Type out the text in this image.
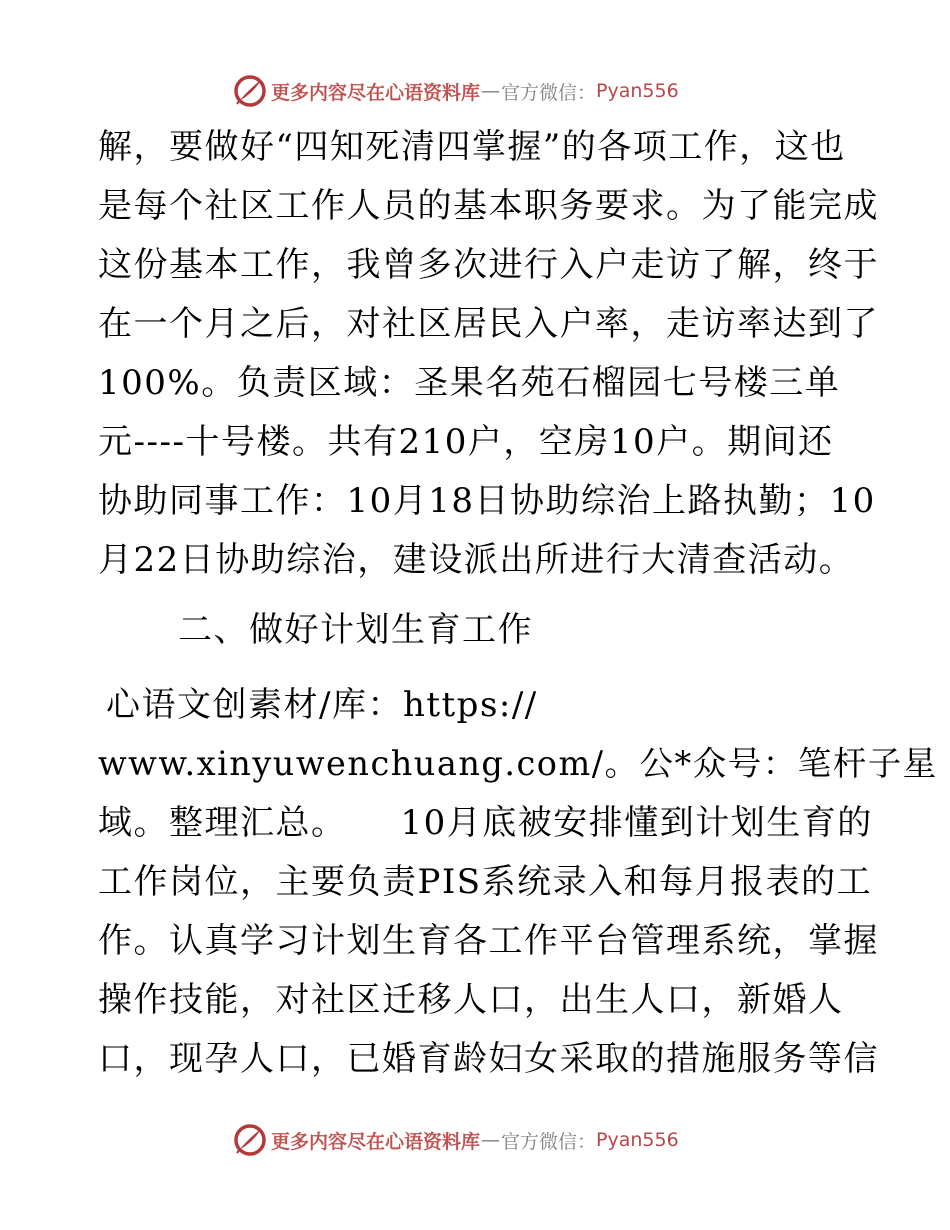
更多内容尽在心语资料库 — 官方微信： Pyan556
解，要做好“四知死清四掌握”的各项工作，这也
是每个社区工作人员的基本职务要求。为了能完成
这份基本工作，我曾多次进行入户走访了解，终于
在一个月之后，对社区居民入户率，走访率达到了
100%。负责区域：圣果名苑石榴园七号楼三单
元----十号楼。共有210户，空房10户。期间还
协助同事工作：10月18日协助综治上路执勤；10
月22日协助综治，建设派出所进行大清查活动。
二、做好计划生育工作
心语文创素材/库：https://
www.xinyuwenchuang.com/。公*众号：笔杆子星
域。整理汇总。　　10月底被安排懂到计划生育的
工作岗位，主要负责PIS系统录入和每月报表的工
作。认真学习计划生育各工作平台管理系统，掌握
操作技能，对社区迁移人口，出生人口，新婚人
口，现孕人口，已婚育龄妇女采取的措施服务等信
更多内容尽在心语资料库 — 官方微信： Pyan556
